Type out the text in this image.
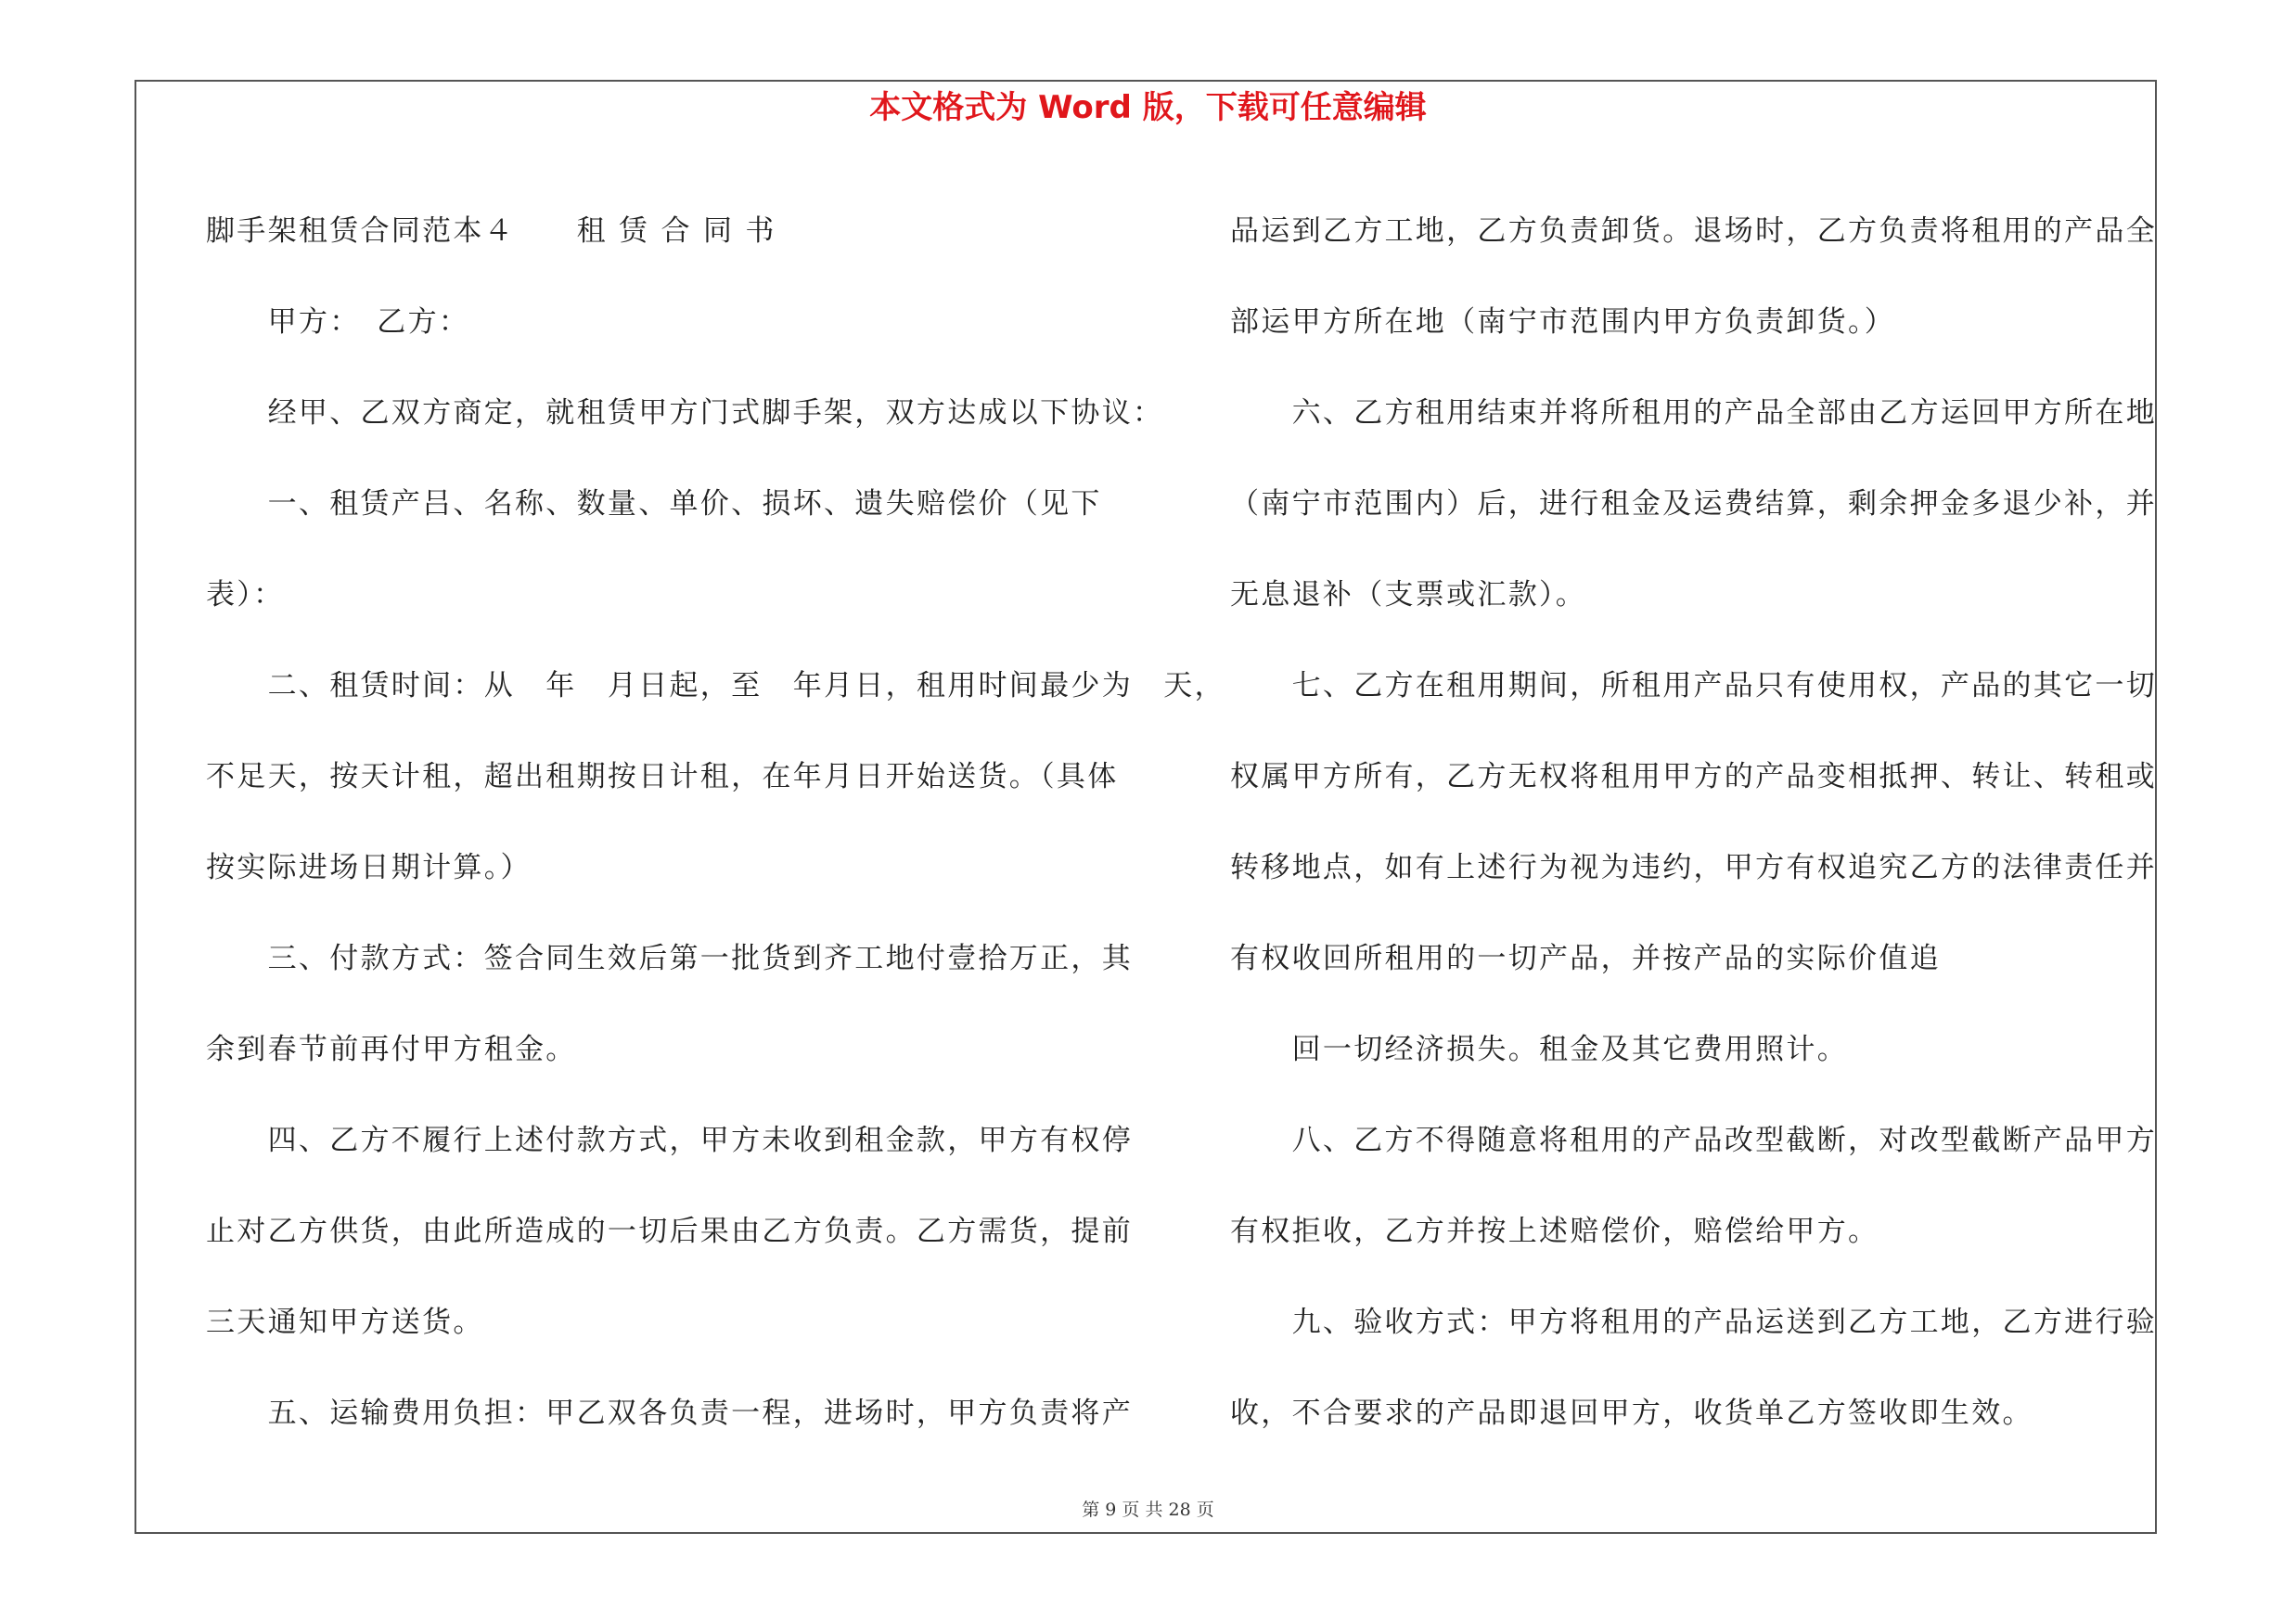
本文格式为 Word 版，下载可任意编辑

脚手架租赁合同范本４　　租 赁 合 同 书

　　甲方：　乙方：

　　经甲、乙双方商定，就租赁甲方门式脚手架，双方达成以下协议：

　　一、租赁产吕、名称、数量、单价、损坏、遗失赔偿价（见下

表）：

　　二、租赁时间：从　年　月日起，至　年月日，租用时间最少为　天，

不足天，按天计租，超出租期按日计租，在年月日开始送货。（具体

按实际进场日期计算。）

　　三、付款方式：签合同生效后第一批货到齐工地付壹拾万正，其

余到春节前再付甲方租金。

　　四、乙方不履行上述付款方式，甲方未收到租金款，甲方有权停

止对乙方供货，由此所造成的一切后果由乙方负责。乙方需货，提前

三天通知甲方送货。

　　五、运输费用负担：甲乙双各负责一程，进场时，甲方负责将产

品运到乙方工地，乙方负责卸货。退场时，乙方负责将租用的产品全

部运甲方所在地（南宁市范围内甲方负责卸货。）

　　六、乙方租用结束并将所租用的产品全部由乙方运回甲方所在地

（南宁市范围内）后，进行租金及运费结算，剩余押金多退少补，并

无息退补（支票或汇款）。

　　七、乙方在租用期间，所租用产品只有使用权，产品的其它一切

权属甲方所有，乙方无权将租用甲方的产品变相抵押、转让、转租或

转移地点，如有上述行为视为违约，甲方有权追究乙方的法律责任并

有权收回所租用的一切产品，并按产品的实际价值追

　　回一切经济损失。租金及其它费用照计。

　　八、乙方不得随意将租用的产品改型截断，对改型截断产品甲方

有权拒收，乙方并按上述赔偿价，赔偿给甲方。

　　九、验收方式：甲方将租用的产品运送到乙方工地，乙方进行验

收，不合要求的产品即退回甲方，收货单乙方签收即生效。

第 9 页 共 28 页
